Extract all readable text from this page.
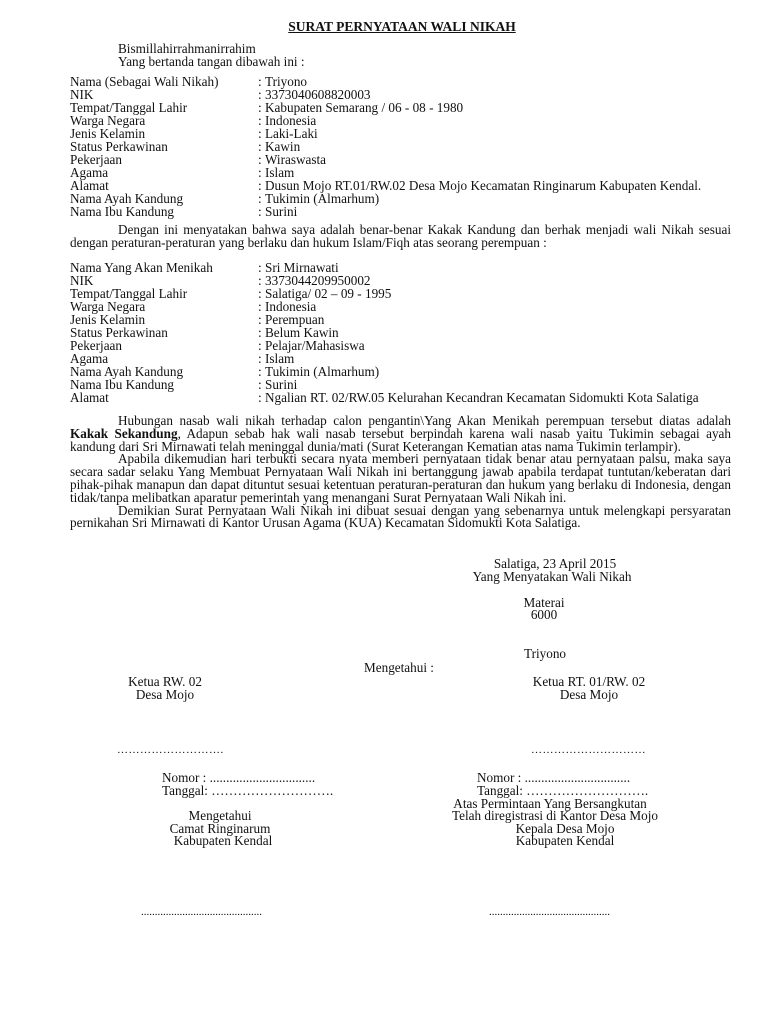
SURAT PERNYATAAN WALI NIKAH
Bismillahirrahmanirrahim
Yang bertanda tangan dibawah ini :
Nama (Sebagai Wali Nikah)	: Triyono
NIK	: 3373040608820003
Tempat/Tanggal Lahir	: Kabupaten Semarang / 06 - 08 - 1980
Warga Negara	: Indonesia
Jenis Kelamin	: Laki-Laki
Status Perkawinan	: Kawin
Pekerjaan	: Wiraswasta
Agama	: Islam
Alamat	: Dusun Mojo RT.01/RW.02 Desa Mojo Kecamatan Ringinarum Kabupaten Kendal.
Nama Ayah Kandung	: Tukimin (Almarhum)
Nama Ibu Kandung	: Surini

Dengan ini menyatakan bahwa saya adalah benar-benar Kakak Kandung dan berhak menjadi wali Nikah sesuai dengan peraturan-peraturan yang berlaku dan hukum Islam/Fiqh atas seorang perempuan :

Nama Yang Akan Menikah	: Sri Mirnawati
NIK	: 3373044209950002
Tempat/Tanggal Lahir	: Salatiga/ 02 – 09 - 1995
Warga Negara	: Indonesia
Jenis Kelamin	: Perempuan
Status Perkawinan	: Belum Kawin
Pekerjaan	: Pelajar/Mahasiswa
Agama	: Islam
Nama Ayah Kandung	: Tukimin (Almarhum)
Nama Ibu Kandung	: Surini
Alamat	: Ngalian RT. 02/RW.05 Kelurahan Kecandran Kecamatan Sidomukti Kota Salatiga

Hubungan nasab wali nikah terhadap calon pengantin\Yang Akan Menikah perempuan tersebut diatas adalah Kakak Sekandung, Adapun sebab hak wali nasab tersebut berpindah karena wali nasab yaitu Tukimin sebagai ayah kandung dari Sri Mirnawati telah meninggal dunia/mati (Surat Keterangan Kematian atas nama Tukimin terlampir).

Apabila dikemudian hari terbukti secara nyata memberi pernyataan tidak benar atau pernyataan palsu, maka saya secara sadar selaku Yang Membuat Pernyataan Wali Nikah ini bertanggung jawab apabila terdapat tuntutan/keberatan dari pihak-pihak manapun dan dapat dituntut sesuai ketentuan peraturan-peraturan dan hukum yang berlaku di Indonesia, dengan tidak/tanpa melibatkan aparatur pemerintah yang menangani Surat Pernyataan Wali Nikah ini.

Demikian Surat Pernyataan Wali Nikah ini dibuat sesuai dengan yang sebenarnya untuk melengkapi persyaratan pernikahan Sri Mirnawati di Kantor Urusan Agama (KUA) Kecamatan Sidomukti Kota Salatiga.

Salatiga, 23 April 2015
Yang Menyatakan Wali Nikah
Materai
6000
Triyono
Mengetahui :
Ketua RW. 02
Desa Mojo
Ketua RT. 01/RW. 02
Desa Mojo
……………………….	…………………………
Nomor : ................................
Tanggal: ……………………….
Nomor : ................................
Tanggal: ……………………….
Atas Permintaan Yang Bersangkutan
Telah diregistrasi di Kantor Desa Mojo
Mengetahui
Camat Ringinarum
Kabupaten Kendal
Kepala Desa Mojo
Kabupaten Kendal
............................................	............................................
